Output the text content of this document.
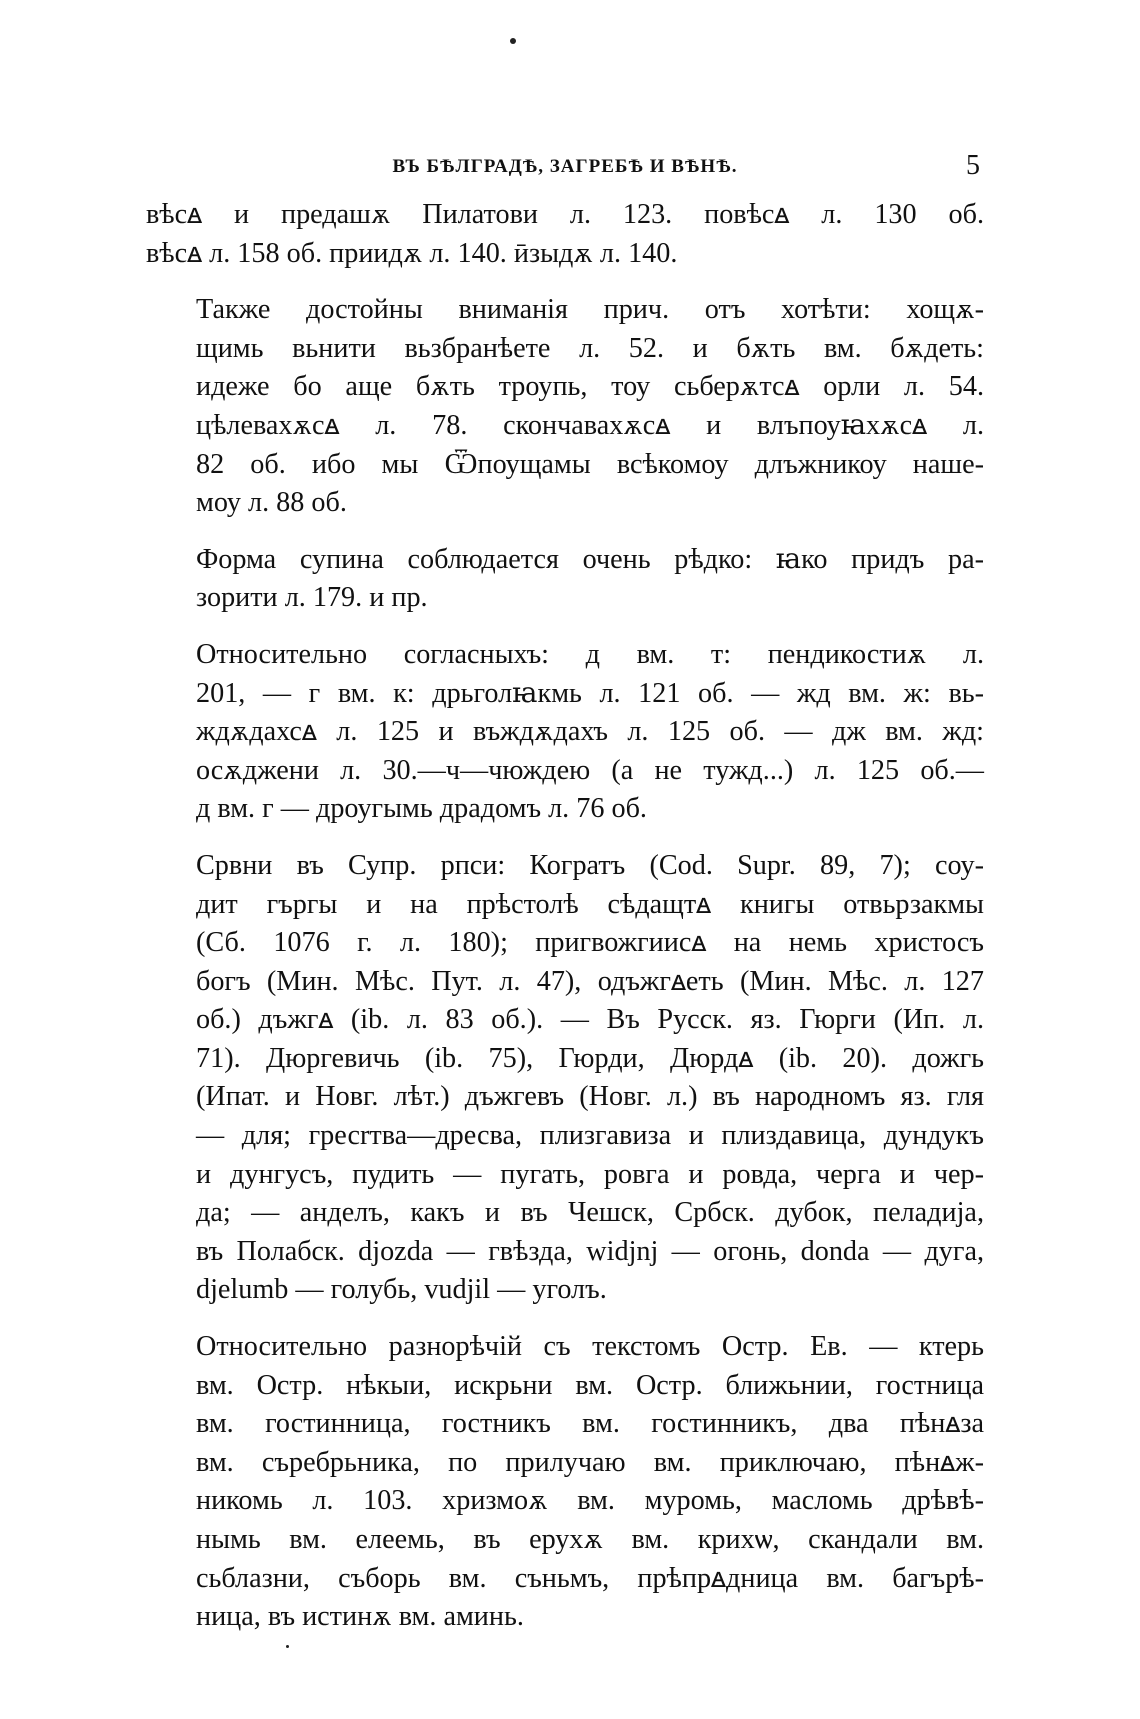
ВЪ БѢЛГРАДѢ, ЗАГРЕБѢ И ВѢНѢ.	5
вѣсꙙ и предашѫ Пилатови л. 123. повѣсꙙ л. 130 об.
вѣсꙙ л. 158 об. приидѫ л. 140. ӣзыдѫ л. 140.
Также достойны вниманія прич. отъ хотѣти: хощѫ-
щимь вьнити вьзбранѣете л. 52. и бѫть вм. бѫдеть:
идеже бо аще бѫть троупь, тоу сьберѫтсꙙ орли л. 54.
цѣлевахѫсꙙ л. 78. скончавахѫсꙙ и влъпоуꙗхѫсꙙ л.
82 об. ибо мы Ѿпоущамы всѣкомоу длъжникоу наше-
моу л. 88 об.
Форма супина соблюдается очень рѣдко: ꙗко придъ ра-
зорити л. 179. и пр.
Относительно согласныхъ: д вм. т: пендикостиѫ л.
201, — г вм. к: дрьголꙗкмь л. 121 об. — жд вм. ж: вь-
ждѫдахсꙙ л. 125 и въждѫдахъ л. 125 об. — дж вм. жд:
осѫджени л. 30.—ч—чюждею (а не тужд...) л. 125 об.—
д вм. г — дроугымь драдомъ л. 76 об.
Срвни въ Супр. рпси: Когратъ (Cod. Supr. 89, 7); соу-
дит гъргы и на прѣстолѣ сѣдащтꙙ книгы отвьрзакмы
(Сб. 1076 г. л. 180); пригвожгиисꙙ на немь христосъ
богъ (Мин. Мѣс. Пут. л. 47), одъжгꙙеть (Мин. Мѣс. л. 127
об.) дъжгꙙ (ib. л. 83 об.). — Въ Русск. яз. Гюрги (Ип. л.
71). Дюргевичь (ib. 75), Гюрди, Дюрдꙙ (ib. 20). дожгь
(Ипат. и Новг. лѣт.) дъжгевъ (Новг. л.) въ народномъ яз. гля
— для; гресrтва—дресва, плизгавиза и плиздавица, дундукъ
и дунгусъ, пудить — пугать, ровга и ровда, черга и чер-
да; — анделъ, какъ и въ Чешск, Србск. дубок, пеладиjа,
въ Полабск. djozda — гвѣзда, widjnj — огонь, donda — дуга,
djelumb — голубь, vudjil — уголъ.
Относительно разнорѣчій съ текстомъ Остр. Ев. — ктерь
вм. Остр. нѣкыи, искрьни вм. Остр. ближьнии, гостница
вм. гостинница, гостникъ вм. гостинникъ, два пѣнꙙза
вм. сърeбрьника, по прилучаю вм. приключаю, пѣнꙙж-
никомь л. 103. хризмоѫ вм. муромь, масломь дрѣвѣ-
нымь вм. елеемь, въ ерухѫ вм. крихѡ, скандали вм.
сьблазни, съборь вм. съньмъ, прѣпрꙙдница вм. багърѣ-
ница, въ истинѫ вм. аминь.
